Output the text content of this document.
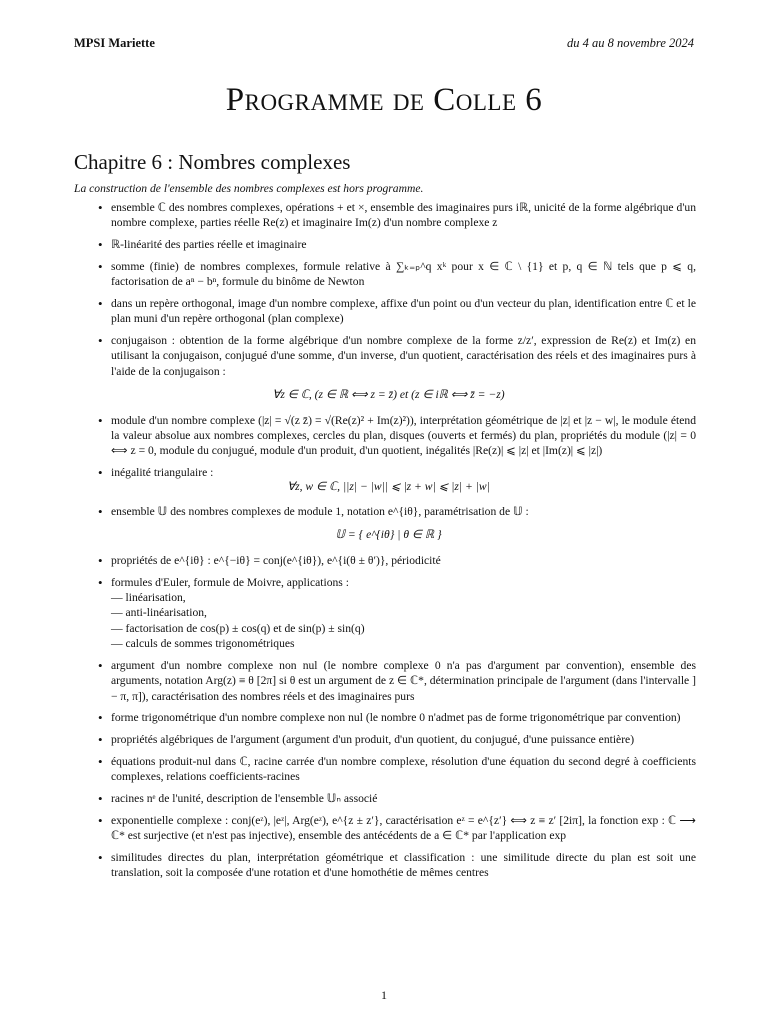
MPSI Mariette	du 4 au 8 novembre 2024
Programme de Colle 6
Chapitre 6 : Nombres complexes
La construction de l'ensemble des nombres complexes est hors programme.
• ensemble ℂ des nombres complexes, opérations + et ×, ensemble des imaginaires purs iℝ, unicité de la forme algébrique d'un nombre complexe, parties réelle Re(z) et imaginaire Im(z) d'un nombre complexe z
• ℝ-linéarité des parties réelle et imaginaire
• somme (finie) de nombres complexes, formule relative à ∑ₖ₌ₚ^q xᵏ pour x ∈ ℂ \ {1} et p, q ∈ ℕ tels que p ⩽ q, factorisation de aⁿ − bⁿ, formule du binôme de Newton
• dans un repère orthogonal, image d'un nombre complexe, affixe d'un point ou d'un vecteur du plan, identification entre ℂ et le plan muni d'un repère orthogonal (plan complexe)
• conjugaison : obtention de la forme algébrique d'un nombre complexe de la forme z/z′, expression de Re(z) et Im(z) en utilisant la conjugaison, conjugué d'une somme, d'un inverse, d'un quotient, caractérisation des réels et des imaginaires purs à l'aide de la conjugaison :
∀z ∈ ℂ, (z ∈ ℝ ⟺ z = z̄) et (z ∈ iℝ ⟺ z̄ = −z)
• module d'un nombre complexe (|z| = √(z z̄) = √(Re(z)² + Im(z)²)), interprétation géométrique de |z| et |z − w|, le module étend la valeur absolue aux nombres complexes, cercles du plan, disques (ouverts et fermés) du plan, propriétés du module (|z| = 0 ⟺ z = 0, module du conjugué, module d'un produit, d'un quotient, inégalités |Re(z)| ⩽ |z| et |Im(z)| ⩽ |z|)
• inégalité triangulaire :
∀z, w ∈ ℂ, ||z| − |w|| ⩽ |z + w| ⩽ |z| + |w|
• ensemble 𝕌 des nombres complexes de module 1, notation e^{iθ}, paramétrisation de 𝕌 :
𝕌 = { e^{iθ} | θ ∈ ℝ }
• propriétés de e^{iθ} : e^{−iθ} = conj(e^{iθ}), e^{i(θ ± θ′)}, périodicité
• formules d'Euler, formule de Moivre, applications :
— linéarisation,
— anti-linéarisation,
— factorisation de cos(p) ± cos(q) et de sin(p) ± sin(q)
— calculs de sommes trigonométriques
• argument d'un nombre complexe non nul (le nombre complexe 0 n'a pas d'argument par convention), ensemble des arguments, notation Arg(z) ≡ θ [2π] si θ est un argument de z ∈ ℂ*, détermination principale de l'argument (dans l'intervalle ] − π, π]), caractérisation des nombres réels et des imaginaires purs
• forme trigonométrique d'un nombre complexe non nul (le nombre 0 n'admet pas de forme trigonométrique par convention)
• propriétés algébriques de l'argument (argument d'un produit, d'un quotient, du conjugué, d'une puissance entière)
• équations produit-nul dans ℂ, racine carrée d'un nombre complexe, résolution d'une équation du second degré à coefficients complexes, relations coefficients-racines
• racines nᵉ de l'unité, description de l'ensemble 𝕌ₙ associé
• exponentielle complexe : conj(eᶻ), |eᶻ|, Arg(eᶻ), e^{z ± z′}, caractérisation eᶻ = e^{z′} ⟺ z ≡ z′ [2iπ], la fonction exp : ℂ ⟶ ℂ* est surjective (et n'est pas injective), ensemble des antécédents de a ∈ ℂ* par l'application exp
• similitudes directes du plan, interprétation géométrique et classification : une similitude directe du plan est soit une translation, soit la composée d'une rotation et d'une homothétie de mêmes centres
1
